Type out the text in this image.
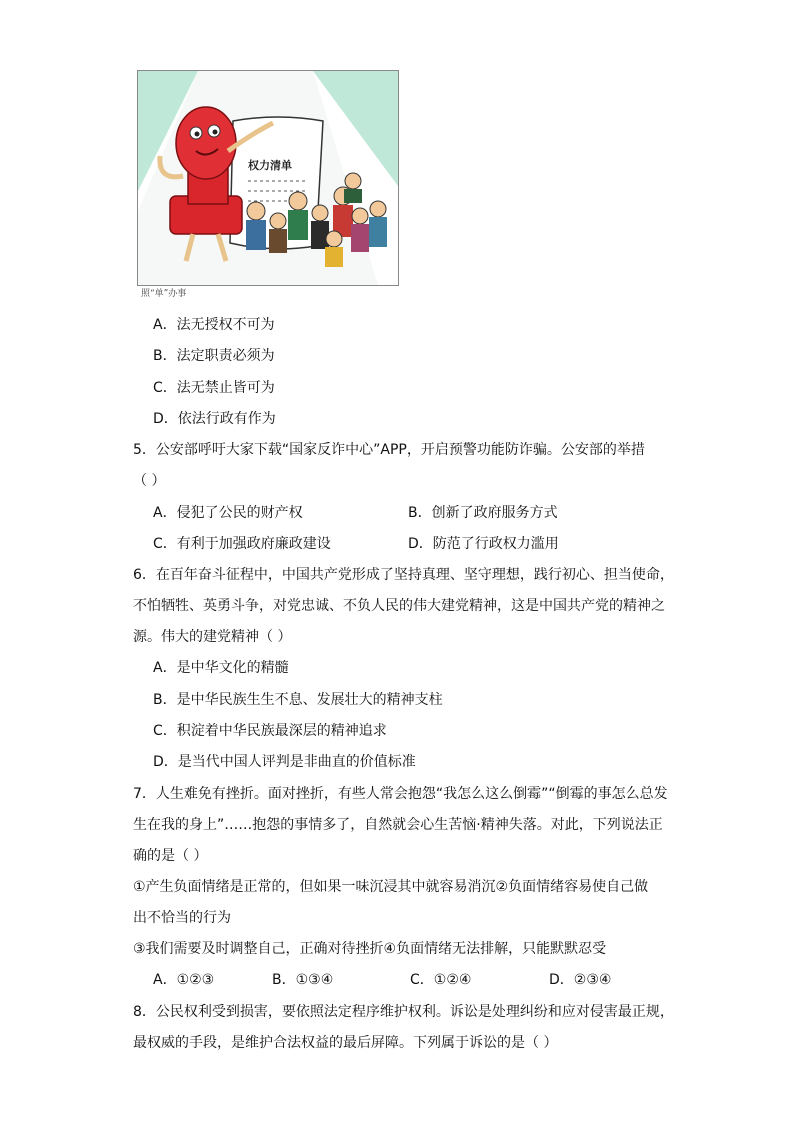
权力清单
照“单”办事
A．法无授权不可为
B．法定职责必须为
C．法无禁止皆可为
D．依法行政有作为
5．公安部呼吁大家下载“国家反诈中心”APP，开启预警功能防诈骗。公安部的举措
（ ）
A．侵犯了公民的财产权	B．创新了政府服务方式
C．有利于加强政府廉政建设	D．防范了行政权力滥用
6．在百年奋斗征程中，中国共产党形成了坚持真理、坚守理想，践行初心、担当使命，
不怕牺牲、英勇斗争，对党忠诚、不负人民的伟大建党精神，这是中国共产党的精神之
源。伟大的建党精神（ ）
A．是中华文化的精髓
B．是中华民族生生不息、发展壮大的精神支柱
C．积淀着中华民族最深层的精神追求
D．是当代中国人评判是非曲直的价值标准
7．人生难免有挫折。面对挫折，有些人常会抱怨“我怎么这么倒霉”“倒霉的事怎么总发
生在我的身上”……抱怨的事情多了，自然就会心生苦恼·精神失落。对此，下列说法正
确的是（ ）
①产生负面情绪是正常的，但如果一味沉浸其中就容易消沉②负面情绪容易使自己做
出不恰当的行为
③我们需要及时调整自己，正确对待挫折④负面情绪无法排解，只能默默忍受
A．①②③	B．①③④	C．①②④	D．②③④
8．公民权利受到损害，要依照法定程序维护权利。诉讼是处理纠纷和应对侵害最正规，
最权威的手段，是维护合法权益的最后屏障。下列属于诉讼的是（ ）
